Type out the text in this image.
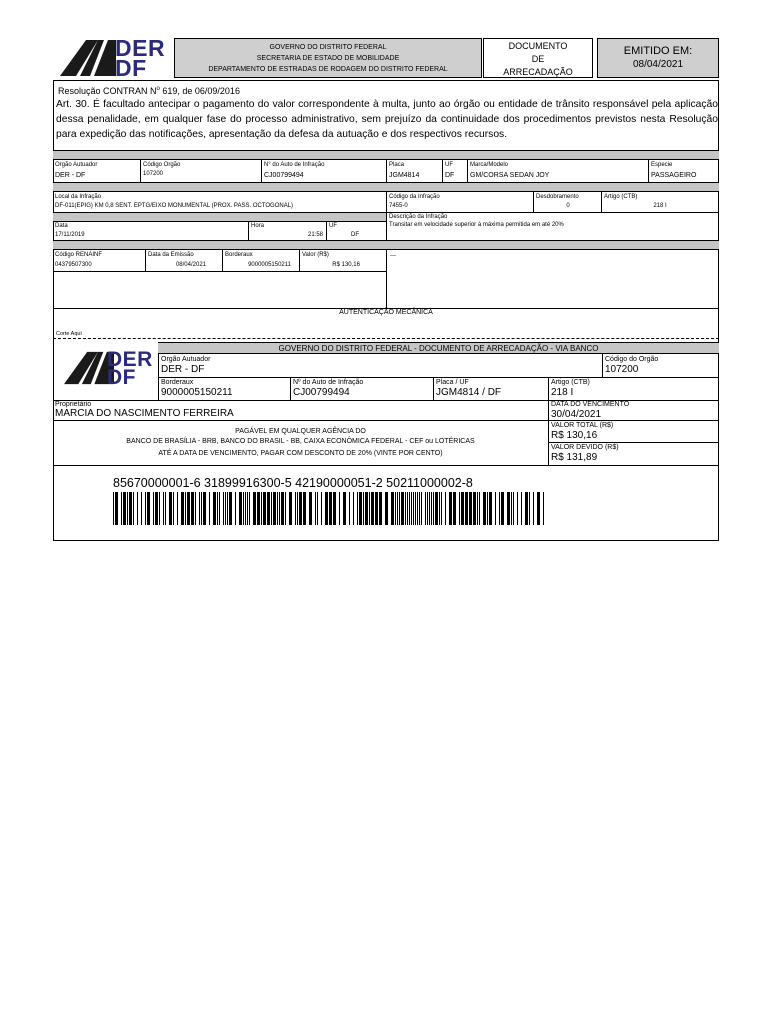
DER
DF
GOVERNO DO DISTRITO FEDERAL
SECRETARIA DE ESTADO DE MOBILIDADE
DEPARTAMENTO DE ESTRADAS DE RODAGEM DO DISTRITO FEDERAL
DOCUMENTO
DE
ARRECADAÇÃO
EMITIDO EM:
08/04/2021
Resolução CONTRAN $N^o$ 619, de 06/09/2016
Art. 30. É facultado antecipar o pagamento do valor correspondente à multa, junto ao órgão ou entidade de trânsito responsável pela aplicação dessa penalidade, em qualquer fase do processo administrativo, sem prejuízo da continuidade dos procedimentos previstos nesta Resolução para expedição das notificações, apresentação da defesa da autuação e dos respectivos recursos.
Orgão Autuador
DER - DF
Código Orgão
107200
N° do Auto de Infração
CJ00799494
Placa
JGM4814
UF
DF
Marca/Modelo
GM/CORSA SEDAN JOY
Especie
PASSAGEIRO
Local da Infração
DF-011(EPIG) KM 0,8 SENT. EPTG/EIXO MONUMENTAL (PROX. PASS. OCTOGONAL)
Código da Infração
7455-0
Desdobramento
0
Artigo (CTB)
218 I
Descrição da Infração
Transitar em velocidade superior à máxima permitida em até 20%
Data
17/11/2019
Hora
21:58
UF
DF
Código RENAINF
04379507300
Data da Emissão
08/04/2021
Borderaux
9000005150211
Valor (R$)
R$ 130,16
---
AUTENTICAÇÃO MECÂNICA
Corte Aqui
DER
DF
GOVERNO DO DISTRITO FEDERAL - DOCUMENTO DE ARRECADAÇÃO - VIA BANCO
Orgão Autuador
DER - DF
Código do Orgão
107200
Borderaux
9000005150211
Nº do Auto de Infração
CJ00799494
Placa / UF
JGM4814 / DF
Artigo (CTB)
218 I
Proprietário
MARCIA DO NASCIMENTO FERREIRA
DATA DO VENCIMENTO
30/04/2021
PAGÁVEL EM QUALQUER AGÊNCIA DO
BANCO DE BRASÍLIA - BRB, BANCO DO BRASIL - BB, CAIXA ECONÔMICA FEDERAL - CEF ou LOTÉRICAS
ATÉ A DATA DE VENCIMENTO, PAGAR COM DESCONTO DE 20% (VINTE POR CENTO)
VALOR TOTAL (R$)
R$ 130,16
VALOR DEVIDO (R$)
R$ 131,89
85670000001-6 31899916300-5 42190000051-2 50211000002-8
